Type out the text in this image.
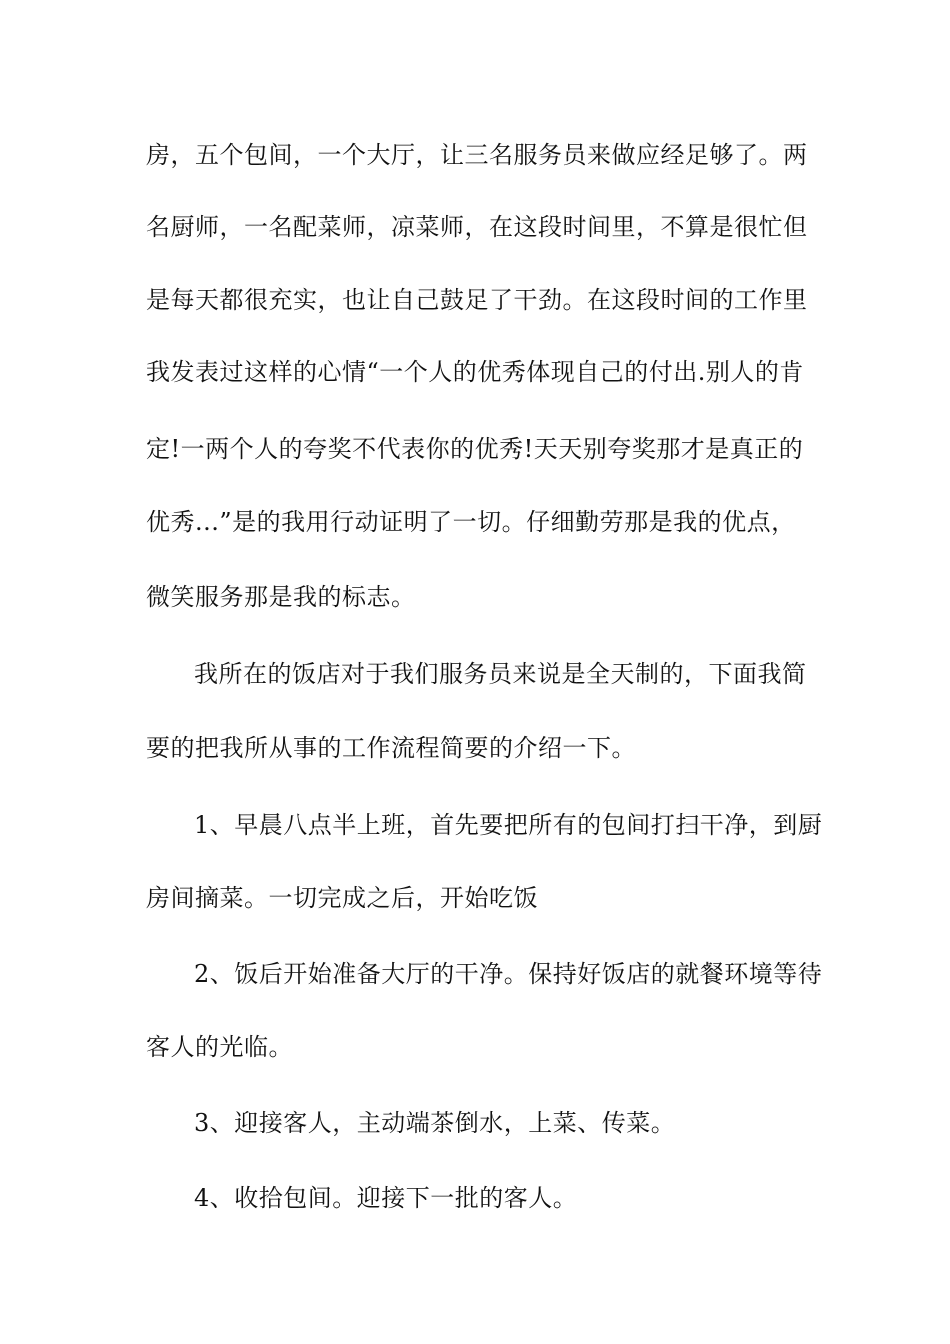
房，五个包间，一个大厅，让三名服务员来做应经足够了。两
名厨师，一名配菜师，凉菜师，在这段时间里，不算是很忙但
是每天都很充实，也让自己鼓足了干劲。在这段时间的工作里
我发表过这样的心情“一个人的优秀体现自己的付出.别人的肯
定!一两个人的夸奖不代表你的优秀!天天别夸奖那才是真正的
优秀...”是的我用行动证明了一切。仔细勤劳那是我的优点，
微笑服务那是我的标志。
我所在的饭店对于我们服务员来说是全天制的，下面我简
要的把我所从事的工作流程简要的介绍一下。
1、早晨八点半上班，首先要把所有的包间打扫干净，到厨
房间摘菜。一切完成之后，开始吃饭
2、饭后开始准备大厅的干净。保持好饭店的就餐环境等待
客人的光临。
3、迎接客人，主动端茶倒水，上菜、传菜。
4、收拾包间。迎接下一批的客人。
